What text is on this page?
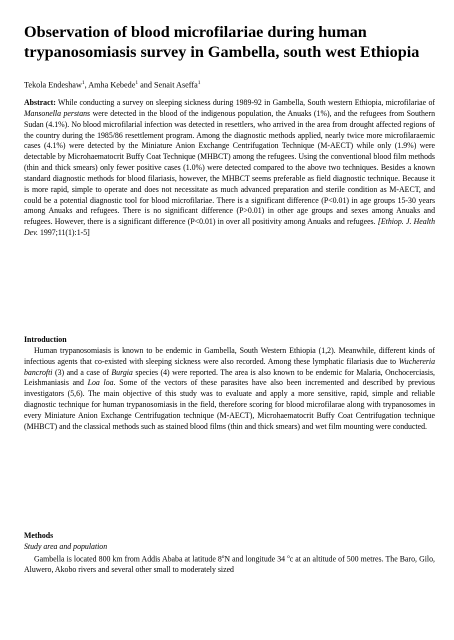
Observation of blood microfilariae during human trypanosomiasis survey in Gambella, south west Ethiopia
Tekola Endeshaw$^1$, Amha Kebede$^1$ and Senait Aseffa$^1$

Abstract: While conducting a survey on sleeping sickness during 1989-92 in Gambella, South western Ethiopia, microfilariae of Mansonella perstans were detected in the blood of the indigenous population, the Anuaks (1%), and the refugees from Southern Sudan (4.1%). No blood microfilarial infection was detected in resettlers, who arrived in the area from drought affected regions of the country during the 1985/86 resettlement program. Among the diagnostic methods applied, nearly twice more microfilaraemic cases (4.1%) were detected by the Miniature Anion Exchange Centrifugation Technique (M-AECT) while only (1.9%) were detectable by Microhaematocrit Buffy Coat Technique (MHBCT) among the refugees. Using the conventional blood film methods (thin and thick smears) only fewer positive cases (1.0%) were detected compared to the above two techniques. Besides a known standard diagnostic methods for blood filariasis, however, the MHBCT seems preferable as field diagnostic technique. Because it is more rapid, simple to operate and does not necessitate as much advanced preparation and sterile condition as M-AECT, and could be a potential diagnostic tool for blood microfilariae. There is a significant difference (P<0.01) in age groups 15-30 years among Anuaks and refugees. There is no significant difference (P>0.01) in other age groups and sexes among Anuaks and refugees. However, there is a significant difference (P<0.01) in over all positivity among Anuaks and refugees. [Ethiop. J. Health Dev. 1997;11(1):1-5]

Introduction

Human trypanosomiasis is known to be endemic in Gambella, South Western Ethiopia (1,2). Meanwhile, different kinds of infectious agents that co-existed with sleeping sickness were also recorded. Among these lymphatic filariasis due to Wuchereria bancrofti (3) and a case of Burgia species (4) were reported. The area is also known to be endemic for Malaria, Onchocerciasis, Leishmaniasis and Loa loa. Some of the vectors of these parasites have also been incremented and described by previous investigators (5,6). The main objective of this study was to evaluate and apply a more sensitive, rapid, simple and reliable diagnostic technique for human trypanosomiasis in the field, therefore scoring for blood microfilarae along with trypanosomes in every Miniature Anion Exchange Centrifugation technique (M-AECT), Microhaematocrit Buffy Coat Centrifugation technique (MHBCT) and the classical methods such as stained blood films (thin and thick smears) and wet film mounting were conducted.

Methods

Study area and population

Gambella is located 800 km from Addis Ababa at latitude 8$^o$N and longitude 34 $^o$c at an altitude of 500 metres. The Baro, Gilo, Aluwero, Akobo rivers and several other small to moderately sized
